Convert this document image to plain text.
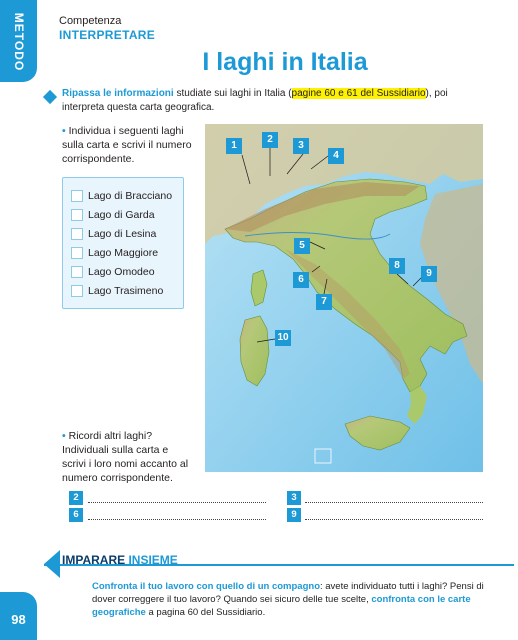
METODO	Competenza
INTERPRETARE
I laghi in Italia
Ripassa le informazioni studiate sui laghi in Italia (pagine 60 e 61 del Sussidiario), poi interpreta questa carta geografica.
• Individua i seguenti laghi sulla carta e scrivi il numero corrispondente.
Lago di Bracciano
Lago di Garda
Lago di Lesina
Lago Maggiore
Lago Omodeo
Lago Trasimeno
• Ricordi altri laghi? Individuali sulla carta e scrivi i loro nomi accanto al numero corrispondente.
1
2
3
4
5
6
7
8
9
10
2	3
6	9
IMPARARE INSIEME
Confronta il tuo lavoro con quello di un compagno: avete individuato tutti i laghi? Pensi di dover correggere il tuo lavoro? Quando sei sicuro delle tue scelte, confronta con le carte geografiche a pagina 60 del Sussidiario.
98
